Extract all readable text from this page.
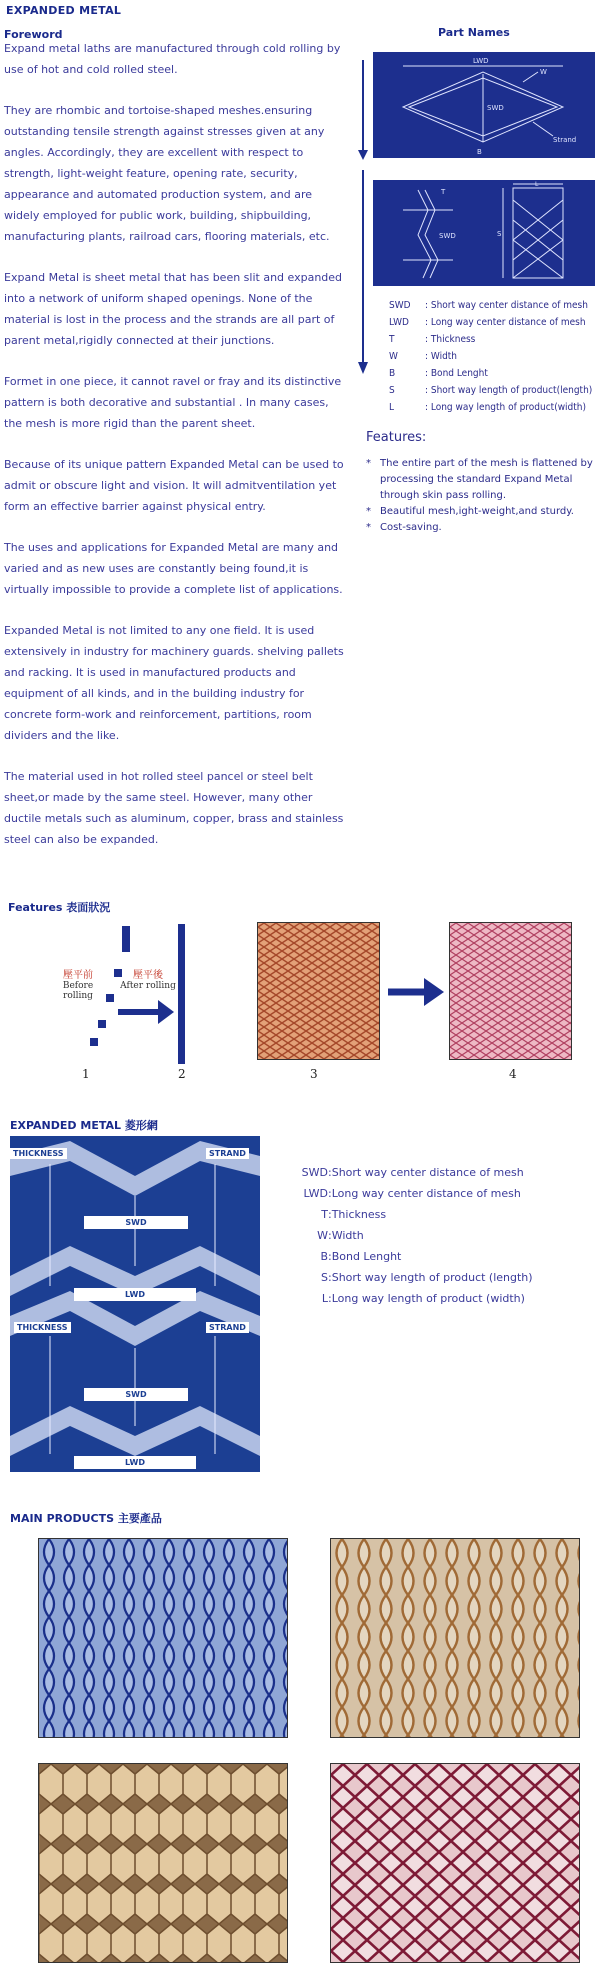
EXPANDED METAL
Foreword

Expand metal laths are manufactured through cold rolling by use of hot and cold rolled steel.

They are rhombic and tortoise-shaped meshes.ensuring outstanding tensile strength against stresses given at any angles. Accordingly, they are excellent with respect to strength, light-weight feature, opening rate, security, appearance and automated production system, and are widely employed for public work, building, shipbuilding, manufacturing plants, railroad cars, flooring materials, etc.

Expand Metal is sheet metal that has been slit and expanded into a network of uniform shaped openings. None of the material is lost in the process and the strands are all part of parent metal,rigidly connected at their junctions.

Formet in one piece, it cannot ravel or fray and its distinctive pattern is both decorative and substantial . In many cases, the mesh is more rigid than the parent sheet.

Because of its unique pattern Expanded Metal can be used to admit or obscure light and vision. It will admitventilation yet form an effective barrier against physical entry.

The uses and applications for Expanded Metal are many and varied and as new uses are constantly being found,it is virtually impossible to provide a complete list of applications.

Expanded Metal is not limited to any one field. It is used extensively in industry for machinery guards. shelving pallets and racking. It is used in manufactured products and equipment of all kinds, and in the building industry for concrete form-work and reinforcement, partitions, room dividers and the like.

The material used in hot rolled steel pancel or steel belt sheet,or made by the same steel. However, many other ductile metals such as aluminum, copper, brass and stainless steel can also be expanded.

Part Names
LWD
SWD
W
Strand
B
T
SWD	S
L
SWD : Short way center distance of mesh
LWD : Long way center distance of mesh
T	: Thickness
W	: Width
B	: Bond Lenght
S	: Short way length of product(length)
L	: Long way length of product(width)
Features:
* The entire part of the mesh is flattened by processing the standard Expand Metal through skin pass rolling.
* Beautiful mesh,ight-weight,and sturdy.
* Cost-saving.
Features 表面狀況
壓平前
Before rolling
壓平後
After rolling
1	2	3	4
EXPANDED METAL 菱形網
THICKNESS	STRAND
SWD
LWD
THICKNESS	STRAND
SWD
LWD
SWD:Short way center distance of mesh
LWD:Long way center distance of mesh
T:Thickness
W:Width
B:Bond Lenght
S:Short way length of product (length)
L:Long way length of product (width)
MAIN PRODUCTS 主要產品
